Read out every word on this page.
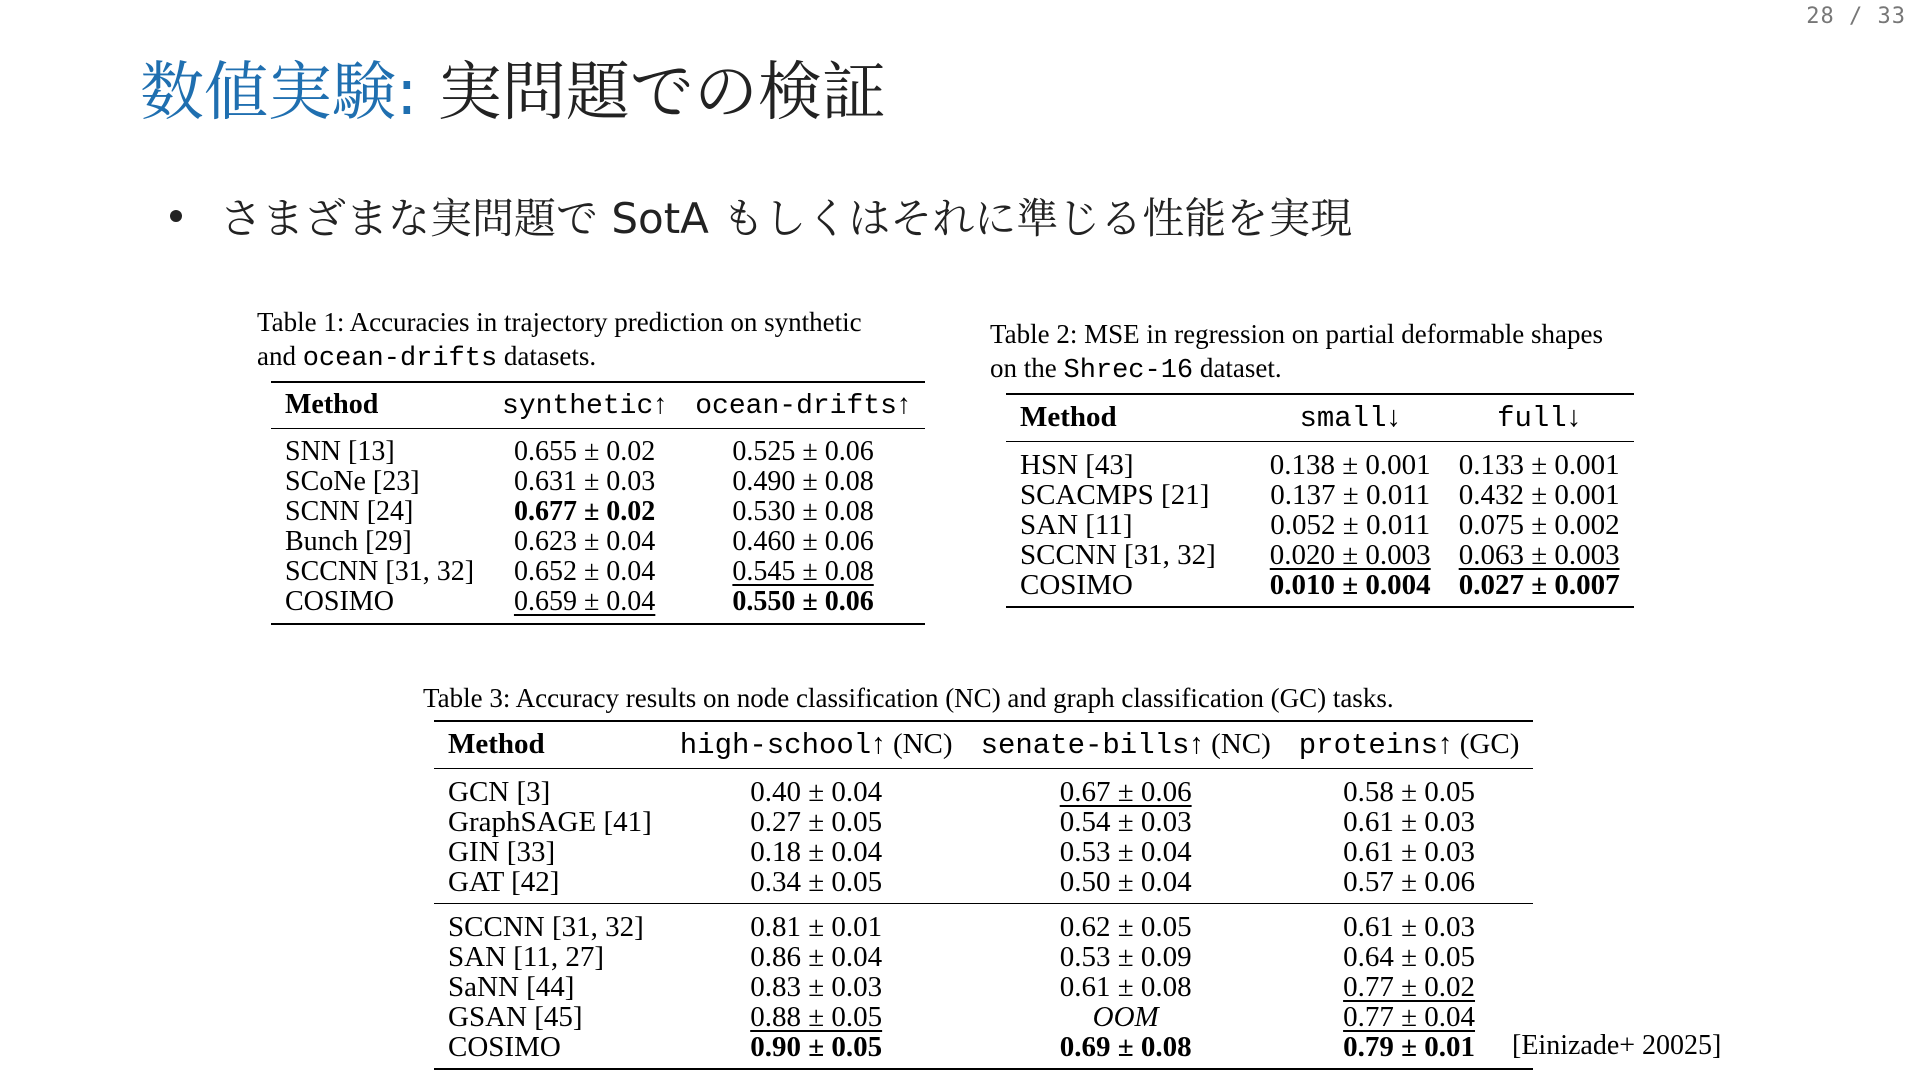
28 / 33
数値実験: 実問題での検証
さまざまな実問題で SotA もしくはそれに準じる性能を実現

Table 1: Accuracies in trajectory prediction on synthetic
and ocean-drifts datasets.

Method	synthetic↑	ocean-drifts↑
SNN [13]	0.655 ± 0.02	0.525 ± 0.06
SCoNe [23]	0.631 ± 0.03	0.490 ± 0.08
SCNN [24]	0.677 ± 0.02	0.530 ± 0.08
Bunch [29]	0.623 ± 0.04	0.460 ± 0.06
SCCNN [31, 32]	0.652 ± 0.04	0.545 ± 0.08
COSIMO	0.659 ± 0.04	0.550 ± 0.06

Table 2: MSE in regression on partial deformable shapes
on the Shrec-16 dataset.

Method	small↓	full↓
HSN [43]	0.138 ± 0.001	0.133 ± 0.001
SCACMPS [21]	0.137 ± 0.011	0.432 ± 0.001
SAN [11]	0.052 ± 0.011	0.075 ± 0.002
SCCNN [31, 32]	0.020 ± 0.003	0.063 ± 0.003
COSIMO	0.010 ± 0.004	0.027 ± 0.007

Table 3: Accuracy results on node classification (NC) and graph classification (GC) tasks.

Method	high-school↑ (NC)	senate-bills↑ (NC)	proteins↑ (GC)
GCN [3]	0.40 ± 0.04	0.67 ± 0.06	0.58 ± 0.05
GraphSAGE [41]	0.27 ± 0.05	0.54 ± 0.03	0.61 ± 0.03
GIN [33]	0.18 ± 0.04	0.53 ± 0.04	0.61 ± 0.03
GAT [42]	0.34 ± 0.05	0.50 ± 0.04	0.57 ± 0.06
SCCNN [31, 32]	0.81 ± 0.01	0.62 ± 0.05	0.61 ± 0.03
SAN [11, 27]	0.86 ± 0.04	0.53 ± 0.09	0.64 ± 0.05
SaNN [44]	0.83 ± 0.03	0.61 ± 0.08	0.77 ± 0.02
GSAN [45]	0.88 ± 0.05	OOM	0.77 ± 0.04
COSIMO	0.90 ± 0.05	0.69 ± 0.08	0.79 ± 0.01 [Einizade+ 20025]
